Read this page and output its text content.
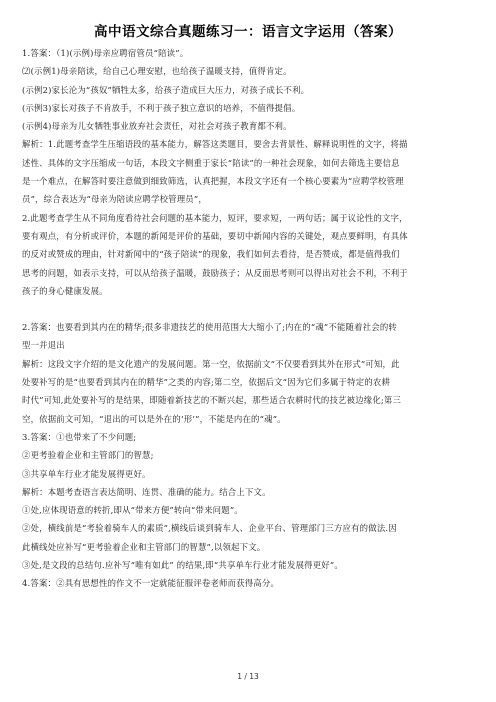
高中语文综合真题练习一：语言文字运用（答案）
1.答案：（1)(示例)母亲应聘宿管员“陪读”。
⑵(示例1)母亲陪读，给自己心理安慰，也给孩子温暖支持，值得肯定。
(示例2)家长沦为“孩奴”牺牲太多，给孩子造成巨大压力，对孩子成长不利。
(示例3)家长对孩子不肯放手，不利于孩子独立意识的培养，不值得提倡。
(示例4)母亲为儿女牺牲事业放弃社会责任，对社会对孩子教育都不利。
解析：1.此题考查学生压缩语段的基本能力，解答这类题目，要舍去背景性、解释说明性的文字，将描
述性、具体的文字压缩成一句话，本段文字侧重于家长“陪读”的一种社会现象，如何去筛选主要信息
是一个难点，在解答时要注意做到细致筛选，认真把握，本段文字还有一个核心要素为“应聘学校管理
员”，综合表达为“母亲为陪读应聘学校管理员”，
2.此题考查学生从不同角度看待社会问题的基本能力，短评，要求短，一两句话；属于议论性的文字，
要有观点，有分析或评价，本题的新闻是评价的基础，要切中新闻内容的关键处，观点要鲜明，有具体
的反对或赞成的理由，针对新闻中的“孩子陪读”的现象，我们如何去看待，是否赞成，都是值得我们
思考的问题，如表示支持，可以从给孩子温暖，鼓励孩子；从反面思考则可以得出对社会不利，不利于
孩子的身心健康发展。
2.答案：也要看到其内在的精华;很多非遗技艺的使用范围大大缩小了;内在的“魂”不能随着社会的转
型一并退出
解析：这段文字介绍的是文化遗产的发展问题。第一空，依据前文“不仅要看到其外在形式”可知，此
处要补写的是“也要看到其内在的精华”之类的内容;第二空，依据后文“因为它们多属于特定的农耕
时代”可知,此处要补写的是结果，即随着新技艺的不断兴起，那些适合农耕时代的技艺被边缘化;第三
空，依据前文可知，“退出的可以是外在的‘形’”，不能是内在的“魂”。
3.答案：①也带来了不少问题;
②更考验着企业和主管部门的智慧;
③共享单车行业才能发展得更好。
解析：本题考查语言表达简明、连贯、准确的能力。结合上下文。
①处,应体现语意的转折,即从“带来方便”转向“带来问题”。
②处，横线前是“考验着骑车人的素质”,横线后谈到骑车人、企业平台、管理部门三方应有的做法.因
此横线处应补写“更考验着企业和主管部门的智慧”,以领起下文。
③处,是文段的总结句.应补写“唯有如此” 的结果,即“共享单车行业才能发展得更好”。
4.答案：②具有思想性的作文不一定就能征服评卷老师而获得高分。
1 / 13
